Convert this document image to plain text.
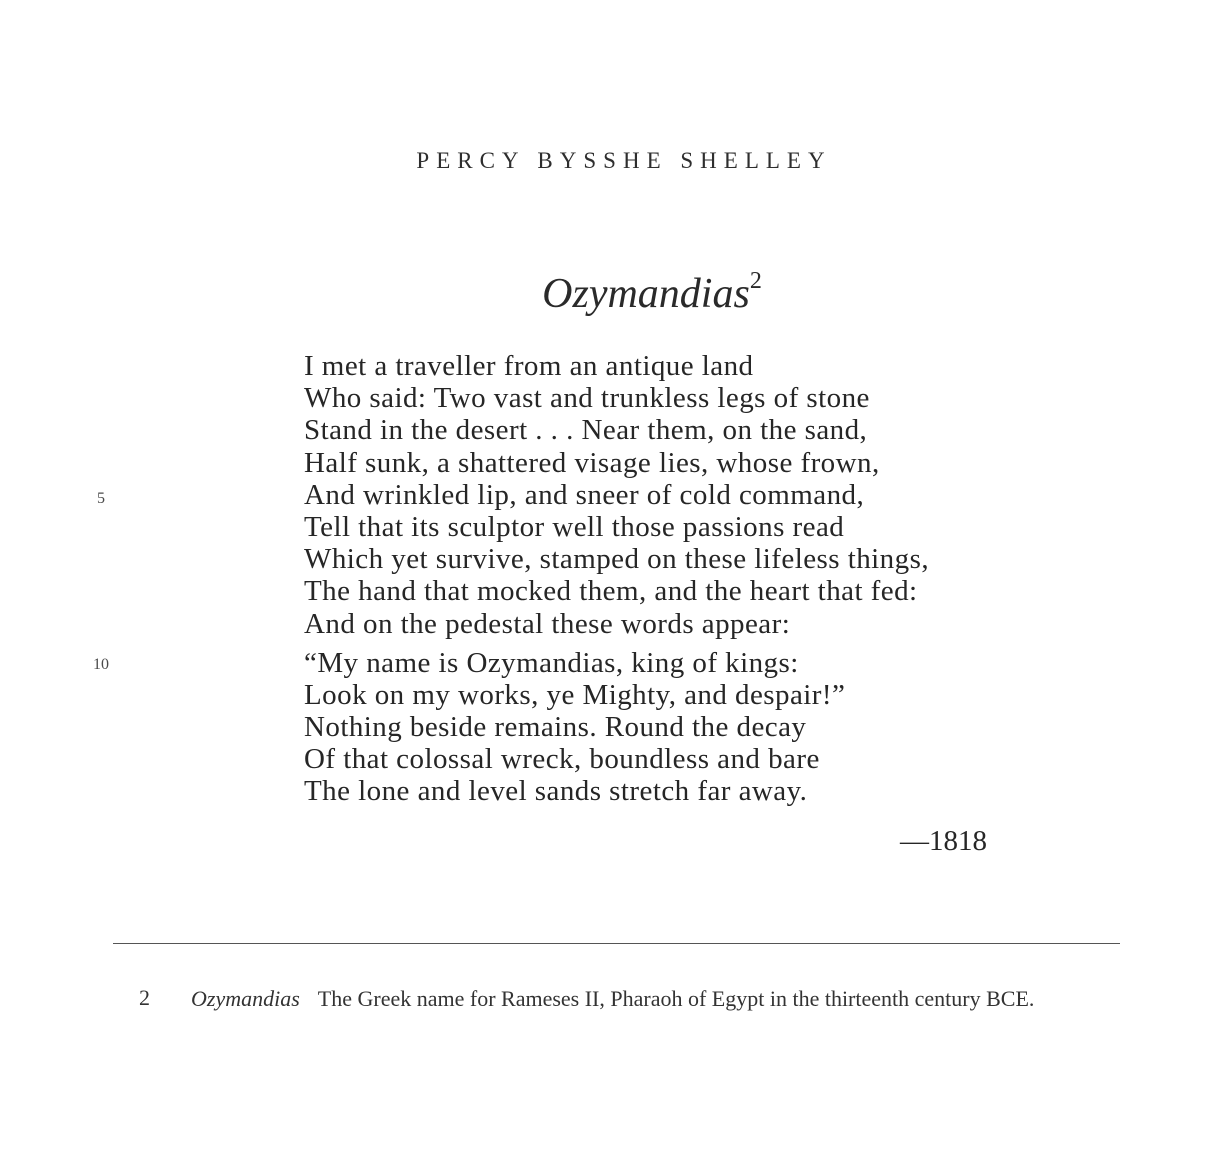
PERCY BYSSHE SHELLEY
Ozymandias$^2$
5
10
I met a traveller from an antique land
Who said: Two vast and trunkless legs of stone
Stand in the desert . . . Near them, on the sand,
Half sunk, a shattered visage lies, whose frown,
And wrinkled lip, and sneer of cold command,
Tell that its sculptor well those passions read
Which yet survive, stamped on these lifeless things,
The hand that mocked them, and the heart that fed:
And on the pedestal these words appear:
“My name is Ozymandias, king of kings:
Look on my works, ye Mighty, and despair!”
Nothing beside remains. Round the decay
Of that colossal wreck, boundless and bare
The lone and level sands stretch far away.
—1818
2 Ozymandias The Greek name for Rameses II, Pharaoh of Egypt in the thirteenth century BCE.
